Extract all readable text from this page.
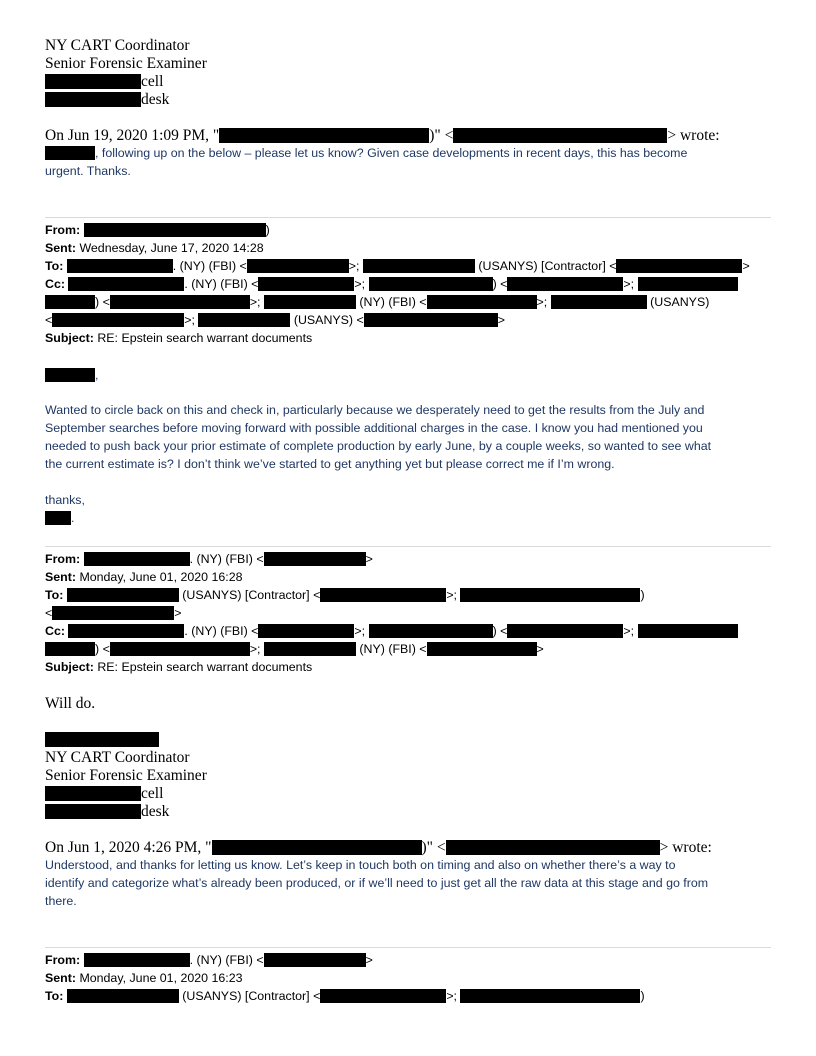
NY CART Coordinator
Senior Forensic Examiner
cell
desk
On Jun 19, 2020 1:09 PM, "	)" <	> wrote:
, following up on the below – please let us know? Given case developments in recent days, this has become
urgent. Thanks.
From:	)
Sent: Wednesday, June 17, 2020 14:28
To:	. (NY) (FBI) <	>;	(USANYS) [Contractor] <	>
Cc:	. (NY) (FBI) <	>;	) <	>;
) <	>;	(NY) (FBI) <	>;	(USANYS)
<	>;	(USANYS) <	>
Subject: RE: Epstein search warrant documents
,
Wanted to circle back on this and check in, particularly because we desperately need to get the results from the July and
September searches before moving forward with possible additional charges in the case. I know you had mentioned you
needed to push back your prior estimate of complete production by early June, by a couple weeks, so wanted to see what
the current estimate is? I don’t think we’ve started to get anything yet but please correct me if I’m wrong.
thanks,
.
From:	. (NY) (FBI) <	>
Sent: Monday, June 01, 2020 16:28
To:	(USANYS) [Contractor] <	>;	)
<	>
Cc:	. (NY) (FBI) <	>;	) <	>;
) <	>;	(NY) (FBI) <	>
Subject: RE: Epstein search warrant documents
Will do.
NY CART Coordinator
Senior Forensic Examiner
cell
desk
On Jun 1, 2020 4:26 PM, "	)" <	> wrote:
Understood, and thanks for letting us know. Let’s keep in touch both on timing and also on whether there’s a way to
identify and categorize what’s already been produced, or if we’ll need to just get all the raw data at this stage and go from
there.
From:	. (NY) (FBI) <	>
Sent: Monday, June 01, 2020 16:23
To:	(USANYS) [Contractor] <	>;	)
